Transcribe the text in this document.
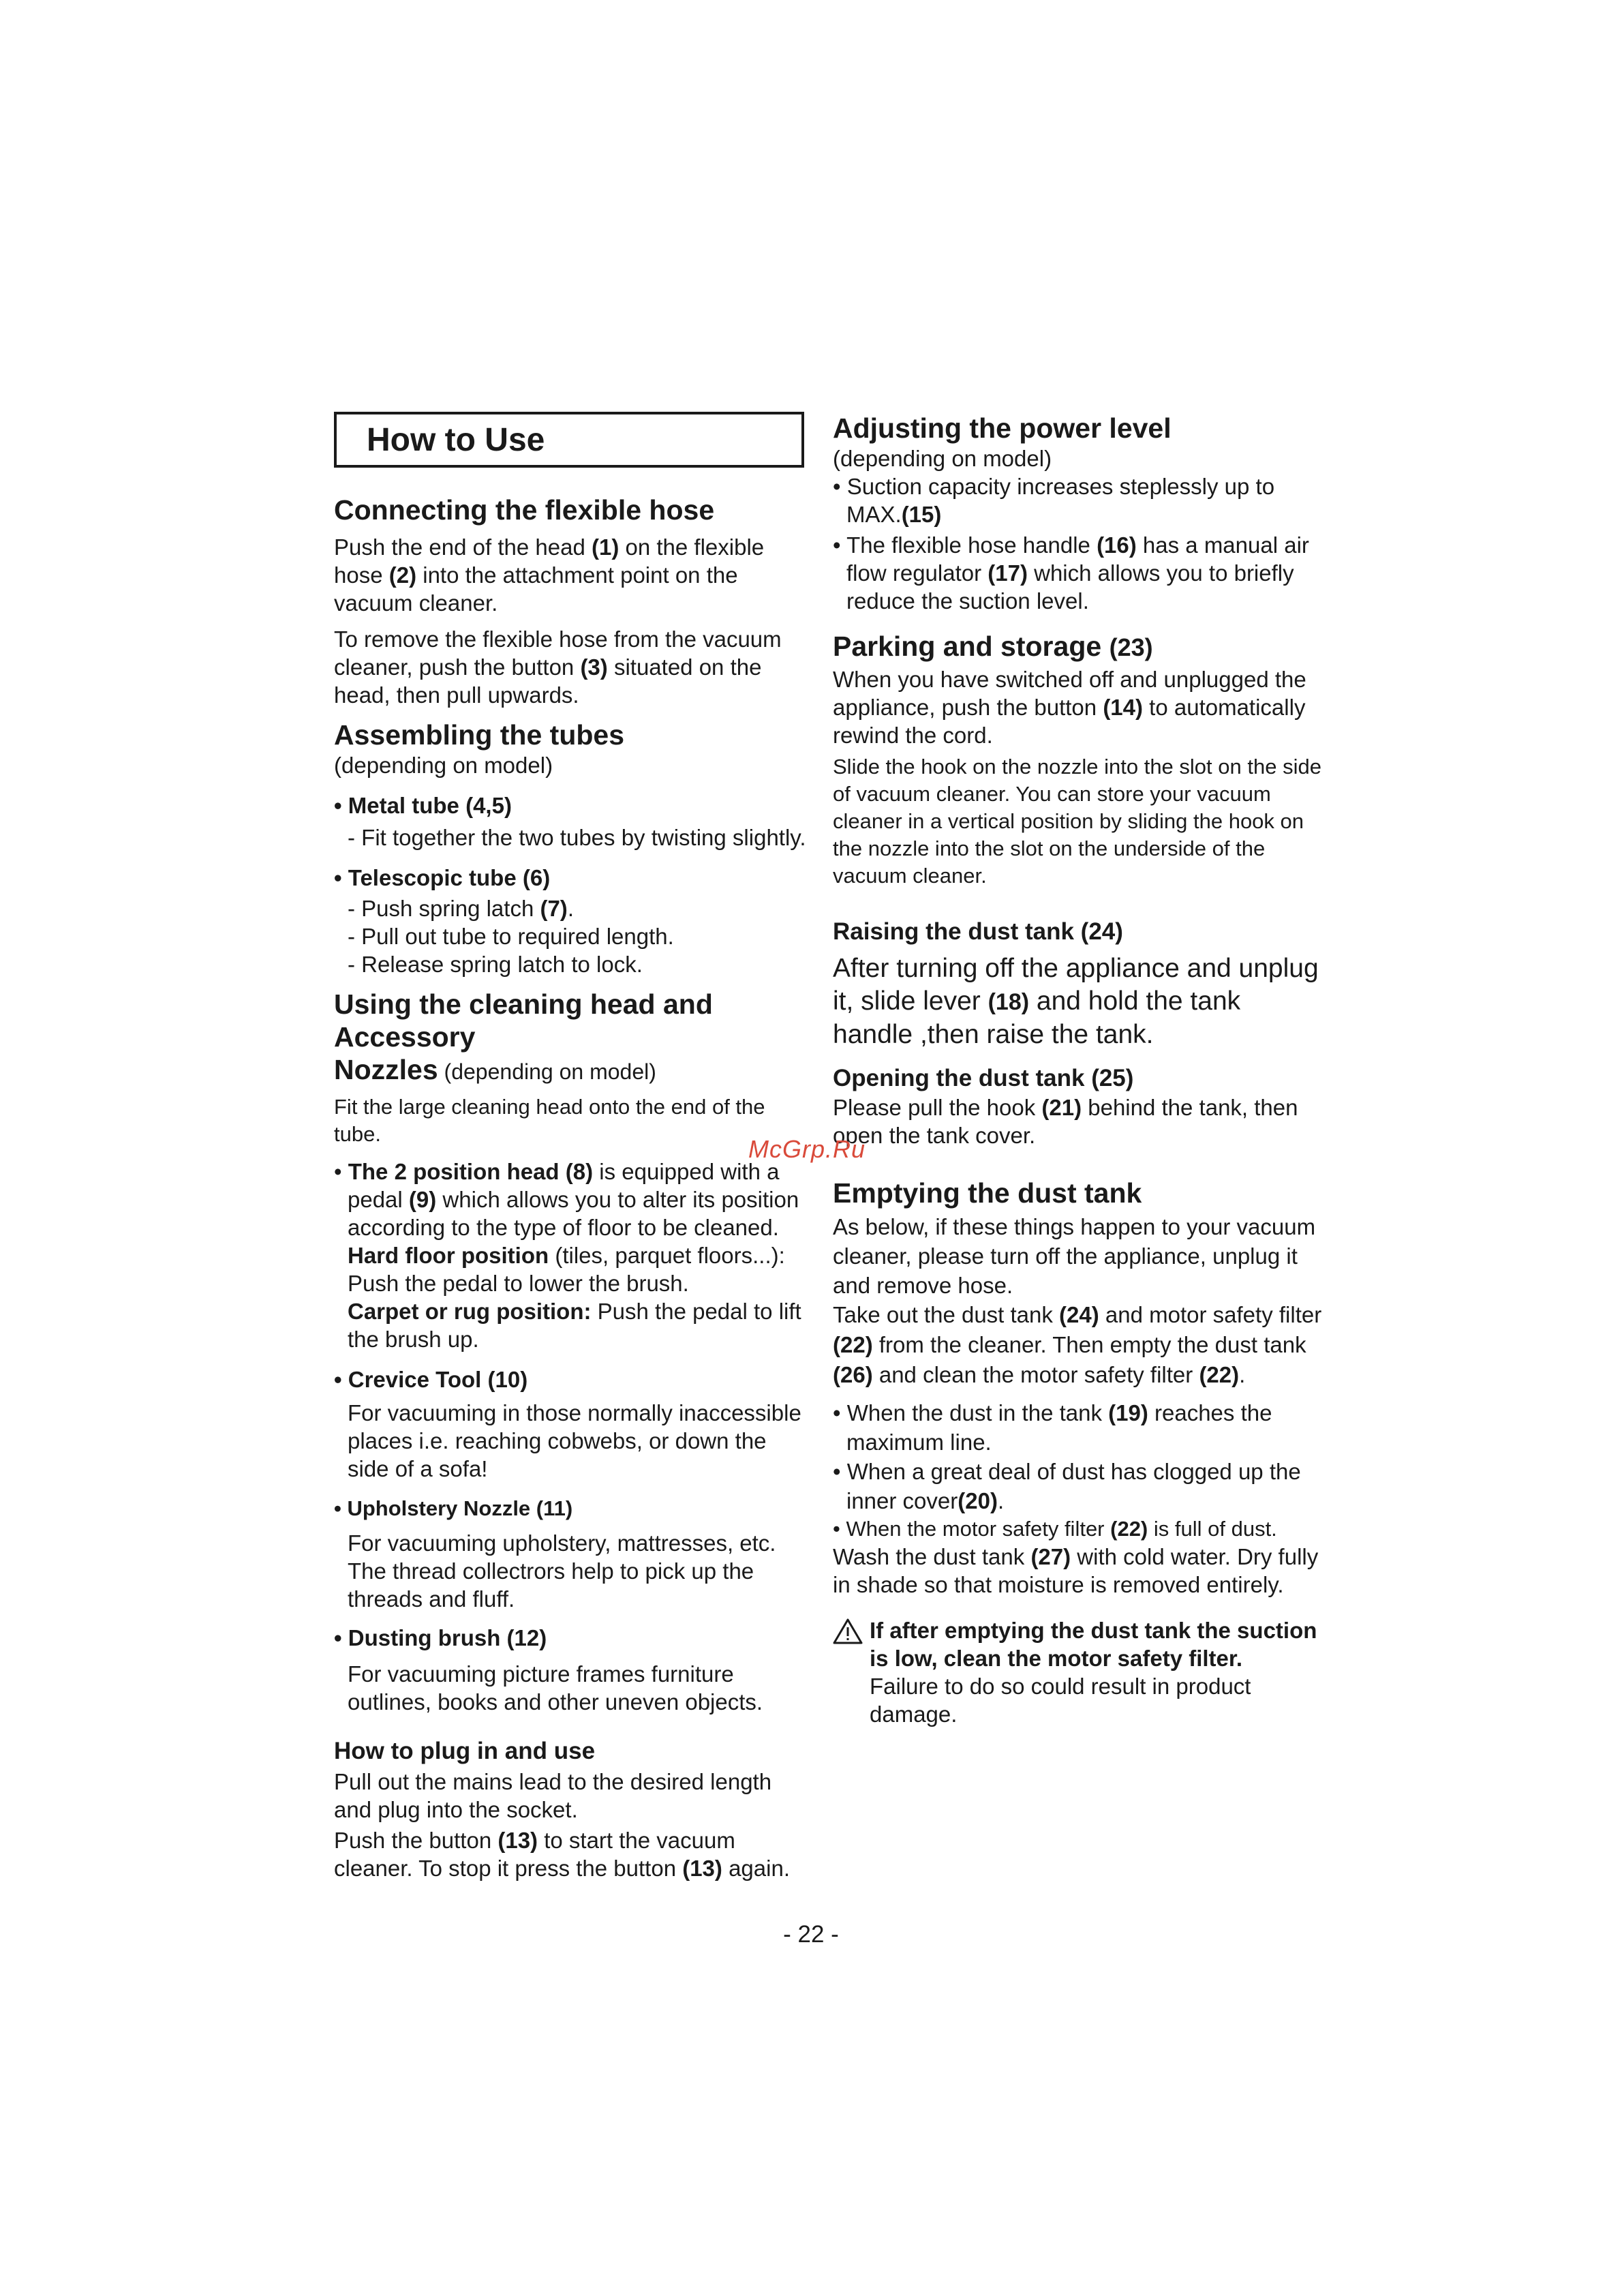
How to Use
Connecting the flexible hose

Push the end of the head (1) on the flexible hose (2) into the attachment point on the vacuum cleaner.

To remove the flexible hose from the vacuum cleaner, push the button (3) situated on the head, then pull upwards.

Assembling the tubes

(depending on model)

• Metal tube (4,5)

- Fit together the two tubes by twisting slightly.

• Telescopic tube (6)

- Push spring latch (7).

- Pull out tube to required length.

- Release spring latch to lock.

Using the cleaning head and Accessory
Nozzles (depending on model)

Fit the large cleaning head onto the end of the tube.

• The 2 position head (8) is equipped with a pedal (9) which allows you to alter its position according to the type of floor to be cleaned.

Hard floor position (tiles, parquet floors...): Push the pedal to lower the brush.

Carpet or rug position: Push the pedal to lift the brush up.

• Crevice Tool (10)

For vacuuming in those normally inaccessible places i.e. reaching cobwebs, or down the side of a sofa!

• Upholstery Nozzle (11)

For vacuuming upholstery, mattresses, etc. The thread collectrors help to pick up the threads and fluff.

• Dusting brush (12)

For vacuuming picture frames furniture outlines, books and other uneven objects.

How to plug in and use

Pull out the mains lead to the desired length and plug into the socket.

Push the button (13) to start the vacuum cleaner. To stop it press the button (13) again.

Adjusting the power level

(depending on model)

• Suction capacity increases steplessly up to MAX.(15)

• The flexible hose handle (16) has a manual air flow regulator (17) which allows you to briefly reduce the suction level.

Parking and storage (23)

When you have switched off and unplugged the appliance, push the button (14) to automatically rewind the cord.

Slide the hook on the nozzle into the slot on the side of vacuum cleaner. You can store your vacuum cleaner in a vertical position by sliding the hook on the nozzle into the slot on the underside of the vacuum cleaner.

Raising the dust tank (24)

After turning off the appliance and unplug it, slide lever (18) and hold the tank handle ,then raise the tank.

Opening the dust tank (25)

Please pull the hook (21) behind the tank, then open the tank cover.

Emptying the dust tank

As below, if these things happen to your vacuum cleaner, please turn off the appliance, unplug it and remove hose.

Take out the dust tank (24) and motor safety filter (22) from the cleaner. Then empty the dust tank (26) and clean the motor safety filter (22).

• When the dust in the tank (19) reaches the maximum line.

• When a great deal of dust has clogged up the inner cover(20).

• When the motor safety filter (22) is full of dust.

Wash the dust tank (27) with cold water. Dry fully in shade so that moisture is removed entirely.

If after emptying the dust tank the suction is low, clean the motor safety filter.

Failure to do so could result in product damage.

McGrp.Ru
- 22 -
